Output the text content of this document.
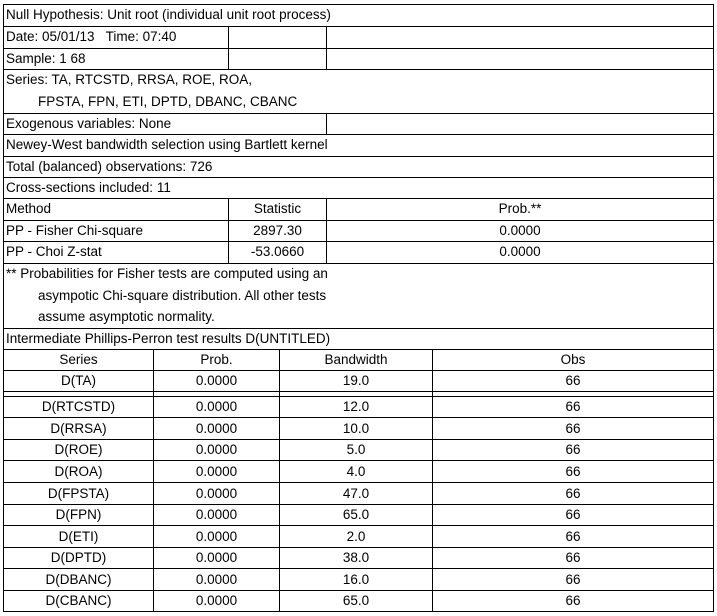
Null Hypothesis: Unit root (individual unit root process)
Date: 05/01/13   Time: 07:40
Sample: 1 68
Series: TA, RTCSTD, RRSA, ROE, ROA,
FPSTA, FPN, ETI, DPTD, DBANC, CBANC
Exogenous variables: None
Newey-West bandwidth selection using Bartlett kernel
Total (balanced) observations: 726
Cross-sections included: 11
Method	Statistic	Prob.**
PP - Fisher Chi-square	2897.30	0.0000
PP - Choi Z-stat	-53.0660	0.0000
** Probabilities for Fisher tests are computed using an
asympotic Chi-square distribution. All other tests
assume asymptotic normality.
Intermediate Phillips-Perron test results D(UNTITLED)
Series	Prob.	Bandwidth	Obs
D(TA)	0.0000	19.0	66
D(RTCSTD)	0.0000	12.0	66
D(RRSA)	0.0000	10.0	66
D(ROE)	0.0000	5.0	66
D(ROA)	0.0000	4.0	66
D(FPSTA)	0.0000	47.0	66
D(FPN)	0.0000	65.0	66
D(ETI)	0.0000	2.0	66
D(DPTD)	0.0000	38.0	66
D(DBANC)	0.0000	16.0	66
D(CBANC)	0.0000	65.0	66
